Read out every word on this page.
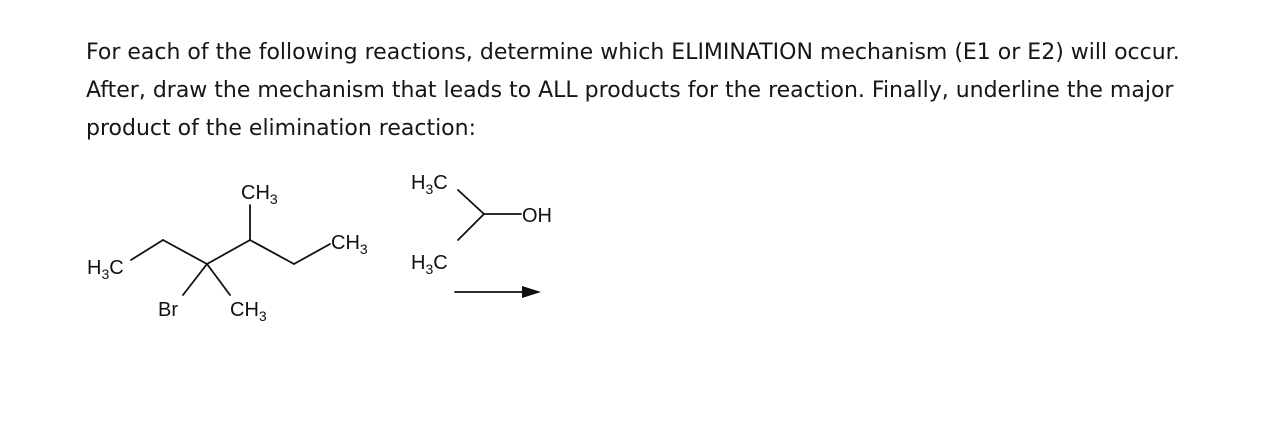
For each of the following reactions, determine which ELIMINATION mechanism (E1 or E2) will occur.

After, draw the mechanism that leads to ALL products for the reaction. Finally, underline the major

product of the elimination reaction:

$H_3C$
$CH_3$
$CH_3$
$CH_3$
Br
$H_3C$
$H_3C$
OH
